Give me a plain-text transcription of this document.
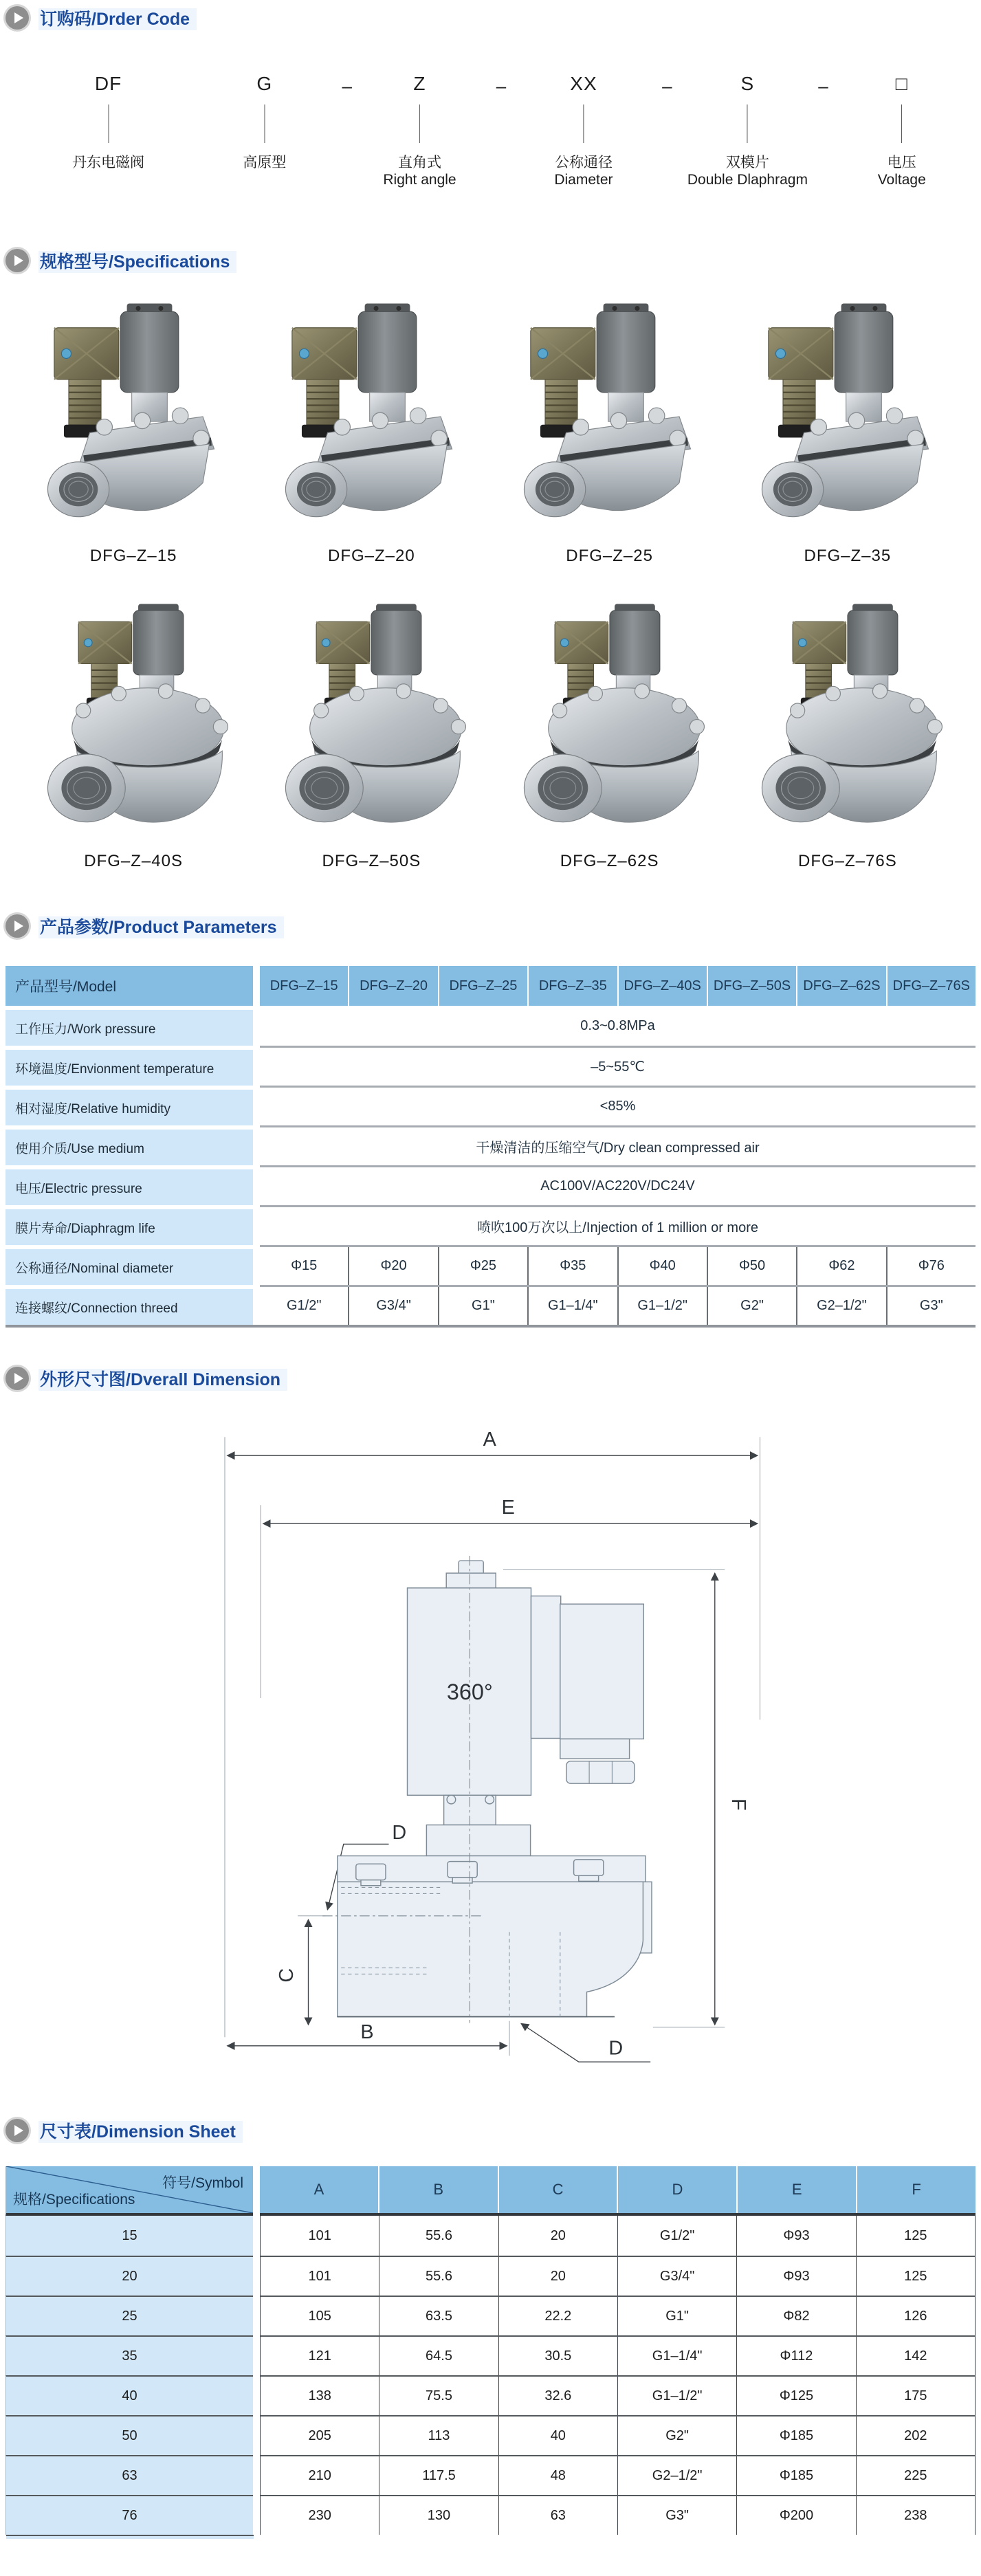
订购码/Drder Code
DF
丹东电磁阀
G
高原型
Z
直角式
Right angle
XX
公称通径
Diameter
S
双模片
Double Dlaphragm
□
电压
Voltage
–	–	–	–
规格型号/Specifications
DFG–Z–15	DFG–Z–20	DFG–Z–25	DFG–Z–35
DFG–Z–40S	DFG–Z–50S	DFG–Z–62S	DFG–Z–76S
产品参数/Product Parameters
产品型号/Model	DFG–Z–15	DFG–Z–20	DFG–Z–25	DFG–Z–35	DFG–Z–40S DFG–Z–50S DFG–Z–62S DFG–Z–76S
工作压力/Work pressure	0.3~0.8MPa
环境温度/Envionment temperature	–5~55℃
相对湿度/Relative humidity	<85%
使用介质/Use medium	干燥清洁的压缩空气/Dry clean compressed air
电压/Electric pressure	AC100V/AC220V/DC24V
膜片寿命/Diaphragm life	喷吹100万次以上/Injection of 1 million or more
公称通径/Nominal diameter	Φ15	Φ20	Φ25	Φ35	Φ40	Φ50	Φ62	Φ76
连接螺纹/Connection threed	G1/2"	G3/4"	G1"	G1–1/4"	G1–1/2"	G2"	G2–1/2"	G3"
外形尺寸图/Dverall Dimension
A
E
F
C
B
D
D
360°
尺寸表/Dimension Sheet
符号/Symbol
规格/Specifications
A	B	C	D	E	F
15	101	55.6	20	G1/2"	Φ93	125
20	101	55.6	20	G3/4"	Φ93	125
25	105	63.5	22.2	G1"	Φ82	126
35	121	64.5	30.5	G1–1/4"	Φ112	142
40	138	75.5	32.6	G1–1/2"	Φ125	175
50	205	113	40	G2"	Φ185	202
63	210	117.5	48	G2–1/2"	Φ185	225
76	230	130	63	G3"	Φ200	238
